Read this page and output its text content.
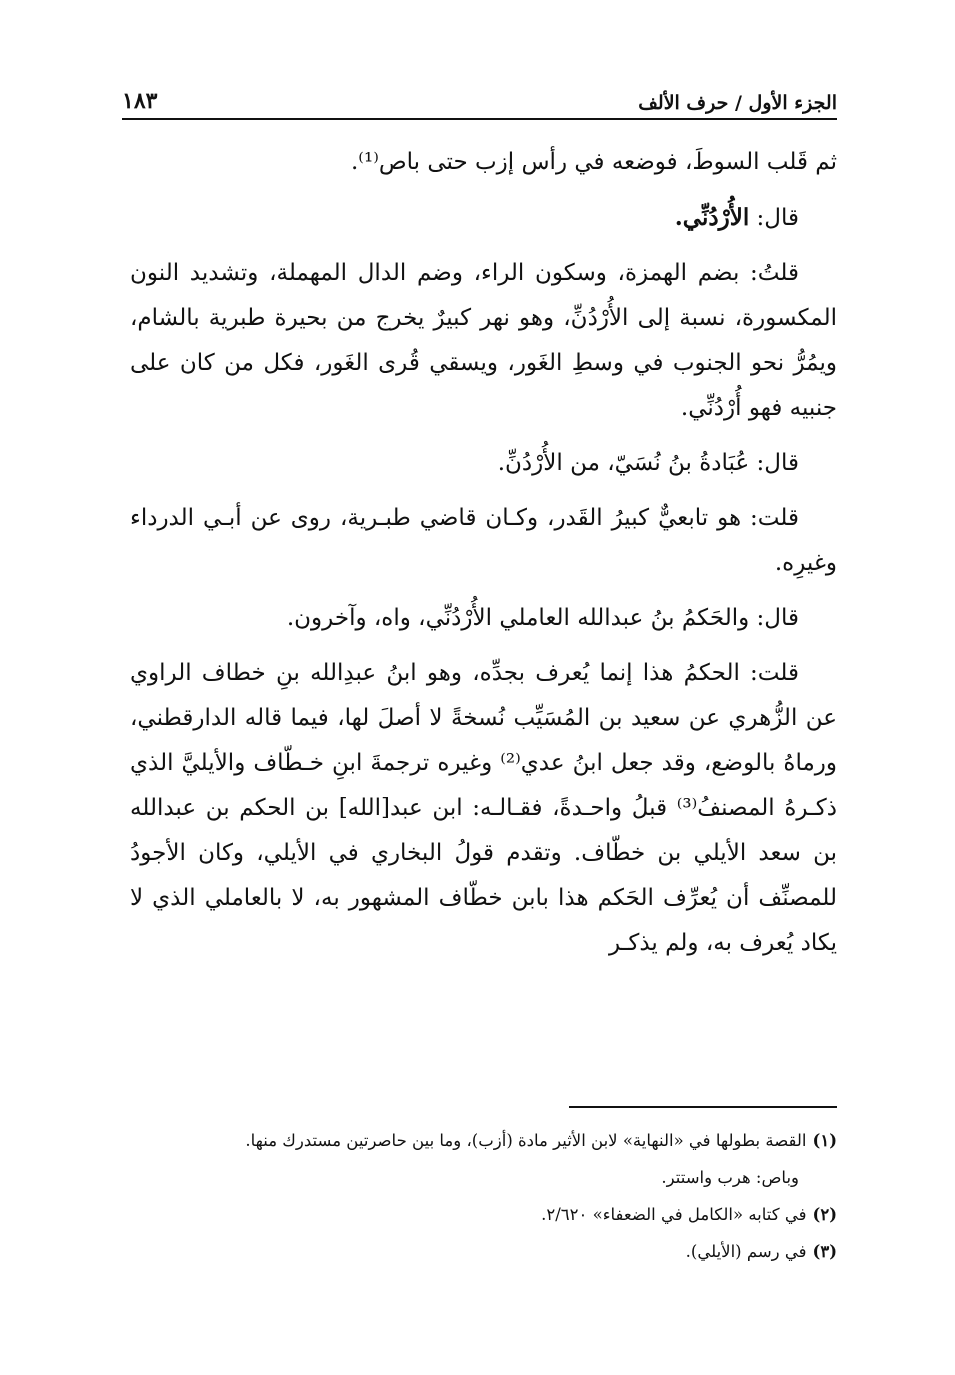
الجزء الأول / حرف الألف
١٨٣

ثم قَلب السوطَ، فوضعه في رأس إزب حتى باص⁽¹⁾.

قال: الأُرْدُنِّي.

قلتُ: بضم الهمزة، وسكون الراء، وضم الدال المهملة، وتشديد النون المكسورة، نسبة إلى الأُرْدُنِّ، وهو نهر كبيرٌ يخرج من بحيرة طبرية بالشام، ويمُرُّ نحو الجنوب في وسطِ الغَور، ويسقي قُرى الغَور، فكل من كان على جنبيه فهو أُرْدُنِّي.

قال: عُبَادةُ بنُ نُسَيّ، من الأُرْدُنِّ.

قلت: هو تابعيٌّ كبيرُ القَدر، وكـان قاضي طبـرية، روى عن أبـي الدرداء وغيرِه.

قال: والحَكمُ بنُ عبدالله العاملي الأُرْدُنِّي، واه، وآخرون.

قلت: الحكمُ هذا إنما يُعرف بجدِّه، وهو ابنُ عبدِالله بنِ خطاف الراوي عن الزُّهري عن سعيد بن المُسَيِّب نُسخةً لا أصلَ لها، فيما قاله الدارقطني، ورماهُ بالوضع، وقد جعل ابنُ عدي⁽²⁾ وغيره ترجمةَ ابنِ خـطّاف والأيليَّ الذي ذكـرهُ المصنفُ⁽³⁾ قبلُ واحـدةً، فقـالـه: ابن عبد[الله] بن الحكم بن عبدالله بن سعد الأيلي بن خطّاف. وتقدم قولُ البخاري في الأيلي، وكان الأجودُ للمصنِّف أن يُعرِّف الحَكم هذا بابن خطّاف المشهور به، لا بالعاملي الذي لا يكاد يُعرف به، ولم يذكـر

(١)القصة بطولها في «النهاية» لابن الأثير مادة (أزب)، وما بين حاصرتين مستدرك منها.

وباص: هرب واستتر.

(٢)في كتابه «الكامل في الضعفاء» ٢/٦٢٠.

(٣)في رسم (الأيلي).
